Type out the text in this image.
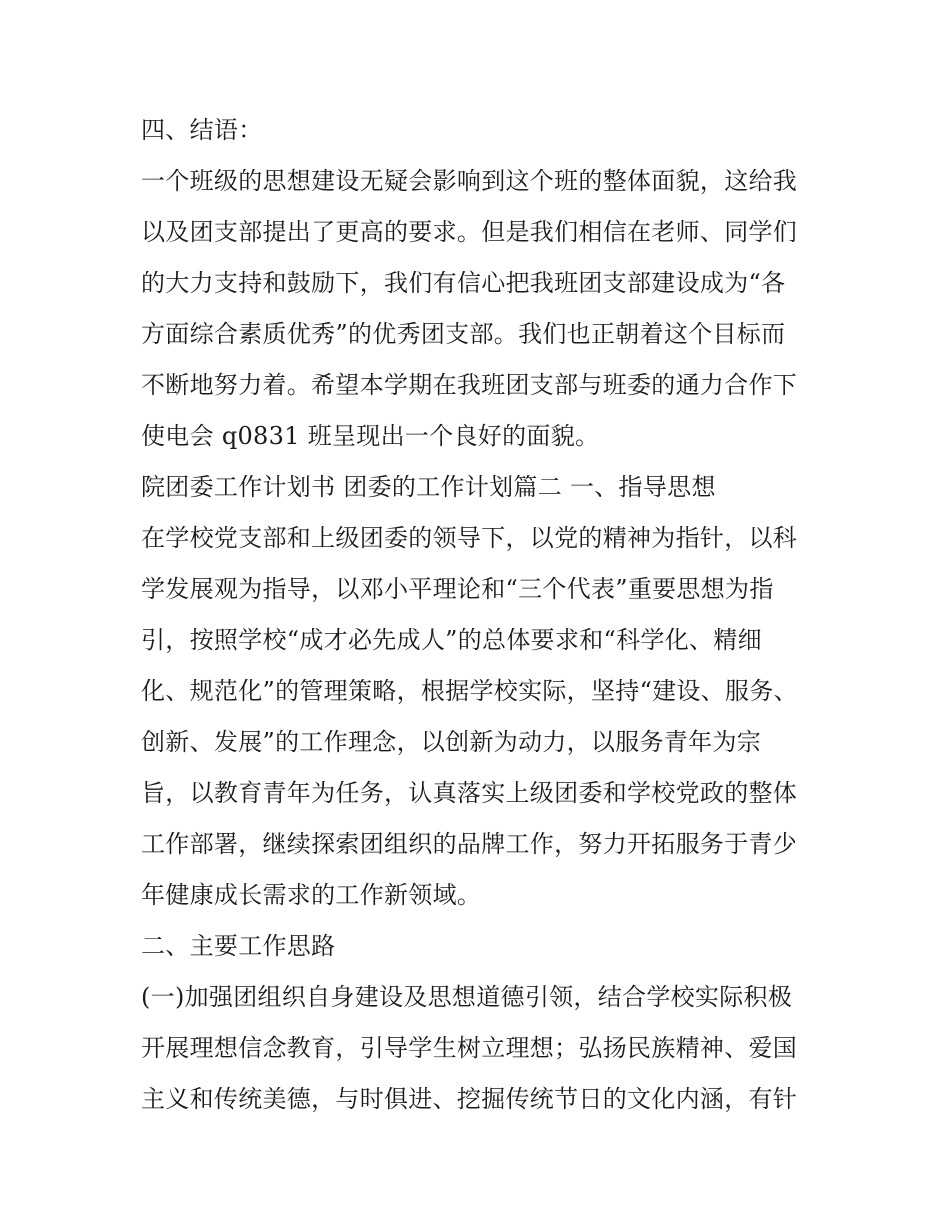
四、结语：
一个班级的思想建设无疑会影响到这个班的整体面貌，这给我
以及团支部提出了更高的要求。但是我们相信在老师、同学们
的大力支持和鼓励下，我们有信心把我班团支部建设成为“各
方面综合素质优秀”的优秀团支部。我们也正朝着这个目标而
不断地努力着。希望本学期在我班团支部与班委的通力合作下
使电会 q0831 班呈现出一个良好的面貌。
院团委工作计划书 团委的工作计划篇二 一、指导思想
在学校党支部和上级团委的领导下，以党的精神为指针，以科
学发展观为指导，以邓小平理论和“三个代表”重要思想为指
引，按照学校“成才必先成人”的总体要求和“科学化、精细
化、规范化”的管理策略，根据学校实际，坚持“建设、服务、
创新、发展”的工作理念，以创新为动力，以服务青年为宗
旨，以教育青年为任务，认真落实上级团委和学校党政的整体
工作部署，继续探索团组织的品牌工作，努力开拓服务于青少
年健康成长需求的工作新领域。
二、主要工作思路
(一)加强团组织自身建设及思想道德引领，结合学校实际积极
开展理想信念教育，引导学生树立理想；弘扬民族精神、爱国
主义和传统美德，与时俱进、挖掘传统节日的文化内涵，有针
